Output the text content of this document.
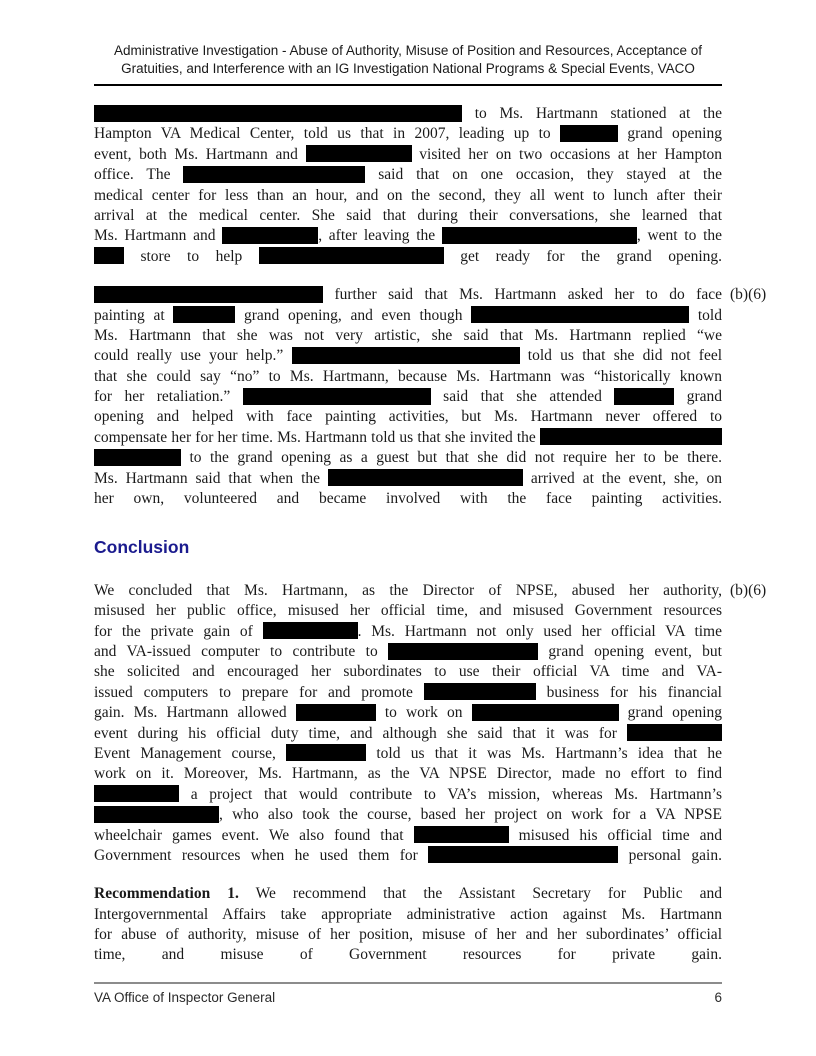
Administrative Investigation - Abuse of Authority, Misuse of Position and Resources, Acceptance of
Gratuities, and Interference with an IG Investigation National Programs & Special Events, VACO
to Ms. Hartmann stationed at the
Hampton VA Medical Center, told us that in 2007, leading up to	grand opening
event, both Ms. Hartmann and	visited her on two occasions at her Hampton
office. The	said that on one occasion, they stayed at the
medical center for less than an hour, and on the second, they all went to lunch after their
arrival at the medical center. She said that during their conversations, she learned that
Ms. Hartmann and	, after leaving the	, went to the
store to help	get ready for the grand opening.
further said that Ms. Hartmann asked her to do face (b)(6)
painting at	grand opening, and even though	told
Ms. Hartmann that she was not very artistic, she said that Ms. Hartmann replied “we
could really use your help.”	told us that she did not feel
that she could say “no” to Ms. Hartmann, because Ms. Hartmann was “historically known
for her retaliation.”	said that she attended	grand
opening and helped with face painting activities, but Ms. Hartmann never offered to
compensate her for her time. Ms. Hartmann told us that she invited the
to the grand opening as a guest but that she did not require her to be there.
Ms. Hartmann said that when the	arrived at the event, she, on
her own, volunteered and became involved with the face painting activities.
Conclusion
We concluded that Ms. Hartmann, as the Director of NPSE, abused her authority, (b)(6)
misused her public office, misused her official time, and misused Government resources
for the private gain of	. Ms. Hartmann not only used her official VA time
and VA-issued computer to contribute to	grand opening event, but
she solicited and encouraged her subordinates to use their official VA time and VA-
issued computers to prepare for and promote	business for his financial
gain. Ms. Hartmann allowed	to work on	grand opening
event during his official duty time, and although she said that it was for
Event Management course,	told us that it was Ms. Hartmann’s idea that he
work on it. Moreover, Ms. Hartmann, as the VA NPSE Director, made no effort to find
a project that would contribute to VA’s mission, whereas Ms. Hartmann’s
, who also took the course, based her project on work for a VA NPSE
wheelchair games event. We also found that	misused his official time and
Government resources when he used them for	personal gain.
Recommendation 1. We recommend that the Assistant Secretary for Public and
Intergovernmental Affairs take appropriate administrative action against Ms. Hartmann
for abuse of authority, misuse of her position, misuse of her and her subordinates’ official
time, and misuse of Government resources for private gain.
VA Office of Inspector General	6
